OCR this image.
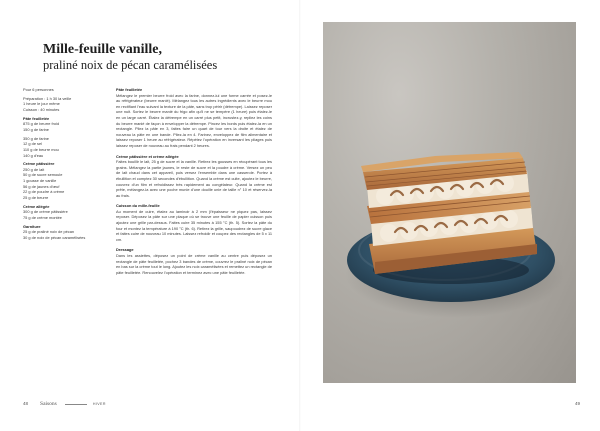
Mille-feuille vanille,

praliné noix de pécan caramélisées

Pour 6 personnes
Préparation : 1 h 30 la veille
1 heure le jour même
Cuisson : 40 minutes
Pâte feuilletée
875 g de beurre froid
150 g de farine
350 g de farine
12 g de sel
110 g de beurre mou
140 g d'eau
Crème pâtissière
250 g de lait
50 g de sucre semoule
1 gousse de vanille
56 g de jaunes d'œuf
22 g de poudre à crème
25 g de beurre
Crème allégée
300 g de crème pâtissière
75 g de crème montée
Garniture
25 g de praliné noix de pécan
30 g de noix de pécan caramélisées
Pâte feuilletée
Mélangez le premier beurre froid avec la farine, donnez-lui une forme carrée et posez-le au réfrigérateur (beurre manié). Mélangez tous les autres ingrédients avec le beurre mou en rectifiant l'eau suivant la texture de la pâte, sans trop pétrir (détrempe). Laissez reposer une nuit. Sortez le beurre manié du frigo afin qu'il ne se tempère (1 heure) puis étalez-le en un large carré. Étalez la détrempe en un carré plus petit, incrustez-y, repliez les coins du beurre manié de façon à envelopper la détrempe. Pincez les bords puis étalez-la en un rectangle. Pliez la pâte en 3, faites faire un quart de tour vers la droite et étalez de nouveau la pâte en une bande. Pliez-la en 4. Farinez, enveloppez de film alimentaire et laissez reposer 1 heure au réfrigérateur. Répétez l'opération en inversant les pliages puis laissez reposer de nouveau au frais pendant 2 heures.
Crème pâtissière et crème allégée
Faites bouillir le lait, 25 g de sucre et la vanille. Retirez les gousses en récupérant tous les grains. Mélangez la partie jaunes, le reste de sucre et la poudre à crème. Versez un peu de lait chaud dans cet appareil, puis versez l'ensemble dans une casserole. Portez à ébullition et comptez 30 secondes d'ébullition. Quand la crème est cuite, ajoutez le beurre, couvrez d'un film et refroidissez très rapidement au congélateur. Quand la crème est prête, mélangez-la avec une poche munie d'une douille unie de taille n° 10 et réservez-la au frais.
Cuisson du mille-feuille
Au moment de cuire, étalez au laminoir à 2 mm (l'épaisseur ne piquez pas, laissez reposer. Déposez la pâte sur une plaque où se trouve une feuille de papier cuisson puis ajoutez une grille par-dessus. Faites cuire 35 minutes à 155 °C (th. 5). Sortez la pâte du four et montez la température à 190 °C (th. 6). Retirez la grille, saupoudrez de sucre glace et faites cuire de nouveau 10 minutes. Laissez refroidir et coupez des rectangles de 5 x 11 cm.
Dressage
Dans les assiettes, déposez un point de crème vanille au centre puis déposez un rectangle de pâte feuilletée, pochez 3 bandes de crème, couvrez le praliné noix de pécan en bas sur la crème tout le long. Ajoutez les noix caramélisées et remettez un rectangle de pâte feuilletée. Renouvelez l'opération et terminez avec une pâte feuilletée.
48 Saisons	HIVER	49
